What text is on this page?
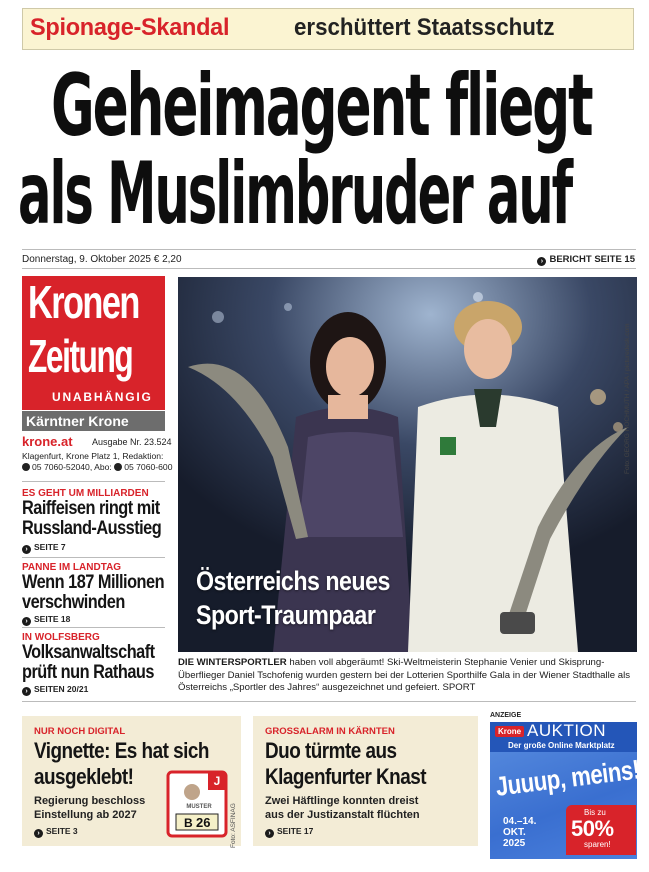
Spionage-Skandal	erschüttert Staatsschutz
Geheimagent fliegt
als Muslimbruder auf
Donnerstag, 9. Oktober 2025 € 2,20	› BERICHT SEITE 15
Kronen
Zeitung
UNABHÄNGIG
Kärntner Krone
krone.at Ausgabe Nr. 23.524
Klagenfurt, Krone Platz 1, Redaktion:
05 7060-52040, Abo: 05 7060-600
ES GEHT UM MILLIARDEN
Raiffeisen ringt mit
Russland-Ausstieg
› SEITE 7
PANNE IM LANDTAG
Wenn 187 Millionen
verschwinden
› SEITE 18
IN WOLFSBERG
Volksanwaltschaft
prüft nun Rathaus
› SEITEN 20/21
Österreichs neues
Sport-Traumpaar
Foto: GEORG HOCHMUTH / APA / picturedesk.com
DIE WINTERSPORTLER haben voll abgeräumt! Ski-Weltmeisterin Stephanie Venier und Skisprung-Überflieger Daniel Tschofenig wurden gestern bei der Lotterien Sporthilfe Gala in der Wiener Stadthalle als Österreichs „Sportler des Jahres“ ausgezeichnet und gefeiert. SPORT
NUR NOCH DIGITAL
Vignette: Es hat sich
ausgeklebt!
Regierung beschloss
Einstellung ab 2027
› SEITE 3
J
MUSTER
B 26	Foto: ASFINAG
GROSSALARM IN KÄRNTEN
Duo türmte aus
Klagenfurter Knast
Zwei Häftlinge konnten dreist
aus der Justizanstalt flüchten
› SEITE 17
ANZEIGE
Krone AUKTION
Der große Online Marktplatz
Juuup, meins!
04.–14.
OKT.
2025
Bis zu
50%
sparen!
